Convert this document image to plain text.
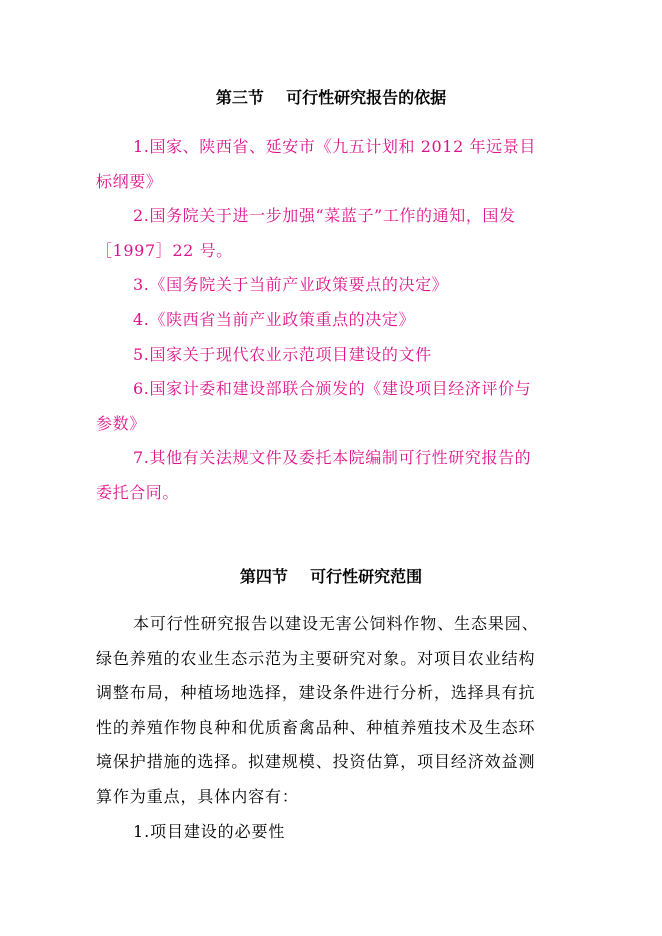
第三节    可行性研究报告的依据
1.国家、陕西省、延安市《九五计划和 2012 年远景目
标纲要》
2.国务院关于进一步加强“菜蓝子”工作的通知，国发
［1997］22 号。
3.《国务院关于当前产业政策要点的决定》
4.《陕西省当前产业政策重点的决定》
5.国家关于现代农业示范项目建设的文件
6.国家计委和建设部联合颁发的《建设项目经济评价与
参数》
7.其他有关法规文件及委托本院编制可行性研究报告的
委托合同。
第四节    可行性研究范围
本可行性研究报告以建设无害公饲料作物、生态果园、
绿色养殖的农业生态示范为主要研究对象。对项目农业结构
调整布局，种植场地选择，建设条件进行分析，选择具有抗
性的养殖作物良种和优质畜禽品种、种植养殖技术及生态环
境保护措施的选择。拟建规模、投资估算，项目经济效益测
算作为重点，具体内容有：
1.项目建设的必要性
